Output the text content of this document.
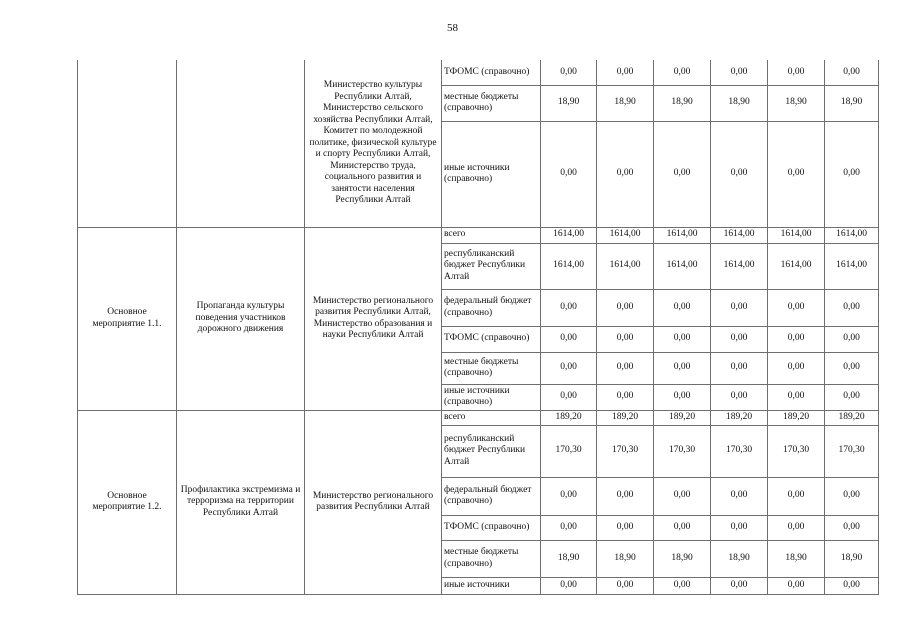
58
		Министерство культуры Республики Алтай, Министерство сельского хозяйства Республики Алтай, Комитет по молодежной политике, физической культуре и спорту Республики Алтай, Министерство труда, социального развития и занятости населения Республики Алтай	ТФОМС (справочно)	0,00	0,00	0,00	0,00	0,00	0,00
			местные бюджеты (справочно)	18,90	18,90	18,90	18,90	18,90	18,90
			иные источники (справочно)	0,00	0,00	0,00	0,00	0,00	0,00
Основное мероприятие 1.1.	Пропаганда культуры поведения участников дорожного движения	Министерство регионального развития Республики Алтай, Министерство образования и науки Республики Алтай	всего	1614,00	1614,00	1614,00	1614,00	1614,00	1614,00
			республиканский бюджет Республики Алтай	1614,00	1614,00	1614,00	1614,00	1614,00	1614,00
			федеральный бюджет (справочно)	0,00	0,00	0,00	0,00	0,00	0,00
			ТФОМС (справочно)	0,00	0,00	0,00	0,00	0,00	0,00
			местные бюджеты (справочно)	0,00	0,00	0,00	0,00	0,00	0,00
			иные источники (справочно)	0,00	0,00	0,00	0,00	0,00	0,00
Основное мероприятие 1.2.	Профилактика экстремизма и терроризма на территории Республики Алтай	Министерство регионального развития Республики Алтай	всего	189,20	189,20	189,20	189,20	189,20	189,20
			республиканский бюджет Республики Алтай	170,30	170,30	170,30	170,30	170,30	170,30
			федеральный бюджет (справочно)	0,00	0,00	0,00	0,00	0,00	0,00
			ТФОМС (справочно)	0,00	0,00	0,00	0,00	0,00	0,00
			местные бюджеты (справочно)	18,90	18,90	18,90	18,90	18,90	18,90
			иные источники	0,00	0,00	0,00	0,00	0,00	0,00
